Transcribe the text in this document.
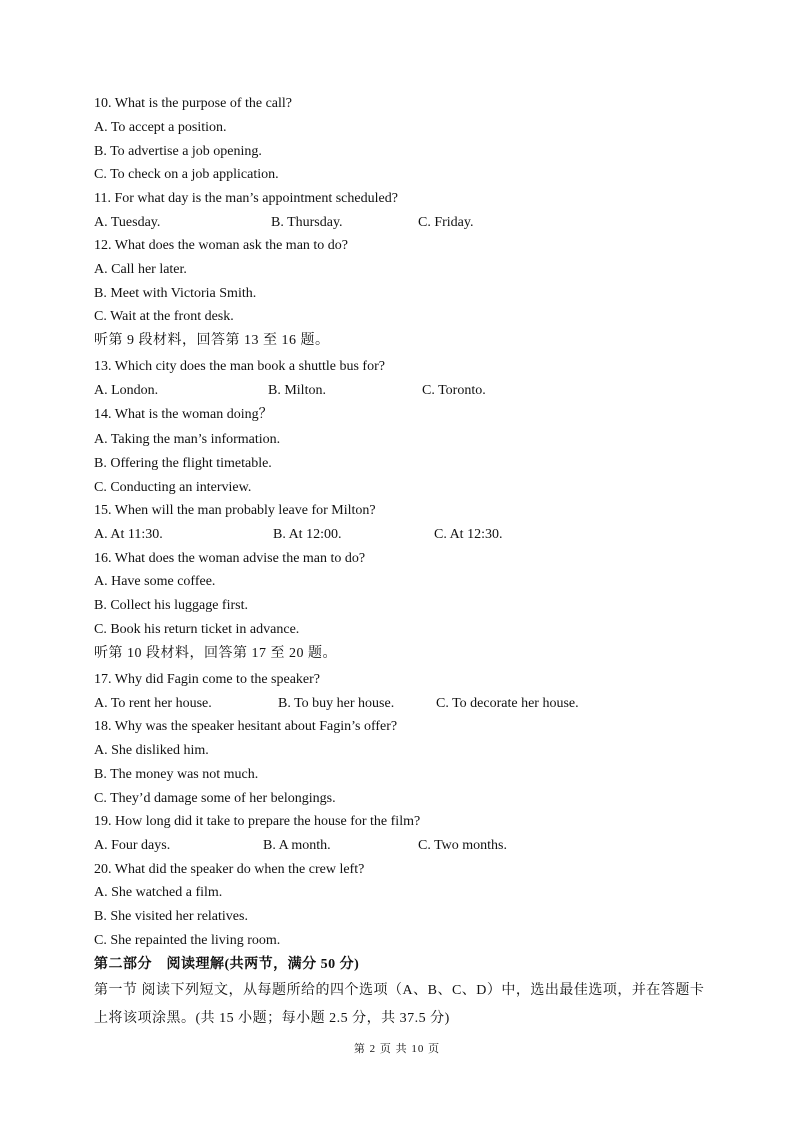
10. What is the purpose of the call?
A. To accept a position.
B. To advertise a job opening.
C. To check on a job application.
11. For what day is the man’s appointment scheduled?
A. Tuesday.	B. Thursday.	C. Friday.
12. What does the woman ask the man to do?
A. Call her later.
B. Meet with Victoria Smith.
C. Wait at the front desk.
听第 9 段材料，回答第 13 至 16 题。
13. Which city does the man book a shuttle bus for?
A. London.	B. Milton.	C. Toronto.
14. What is the woman doing？
A. Taking the man’s information.
B. Offering the flight timetable.
C. Conducting an interview.
15. When will the man probably leave for Milton?
A. At 11:30.	B. At 12:00.	C. At 12:30.
16. What does the woman advise the man to do?
A. Have some coffee.
B. Collect his luggage first.
C. Book his return ticket in advance.
听第 10 段材料，回答第 17 至 20 题。
17. Why did Fagin come to the speaker?
A. To rent her house.	B. To buy her house.	C. To decorate her house.
18. Why was the speaker hesitant about Fagin’s offer?
A. She disliked him.
B. The money was not much.
C. They’d damage some of her belongings.
19. How long did it take to prepare the house for the film?
A. Four days.	B. A month.	C. Two months.
20. What did the speaker do when the crew left?
A. She watched a film.
B. She visited her relatives.
C. She repainted the living room.
第二部分　阅读理解(共两节，满分 50 分)
第一节 阅读下列短文，从每题所给的四个选项（A、B、C、D）中，选出最佳选项，并在答题卡上将该项涂黑。(共 15 小题；每小题 2.5 分，共 37.5 分)
第 2 页 共 10 页
